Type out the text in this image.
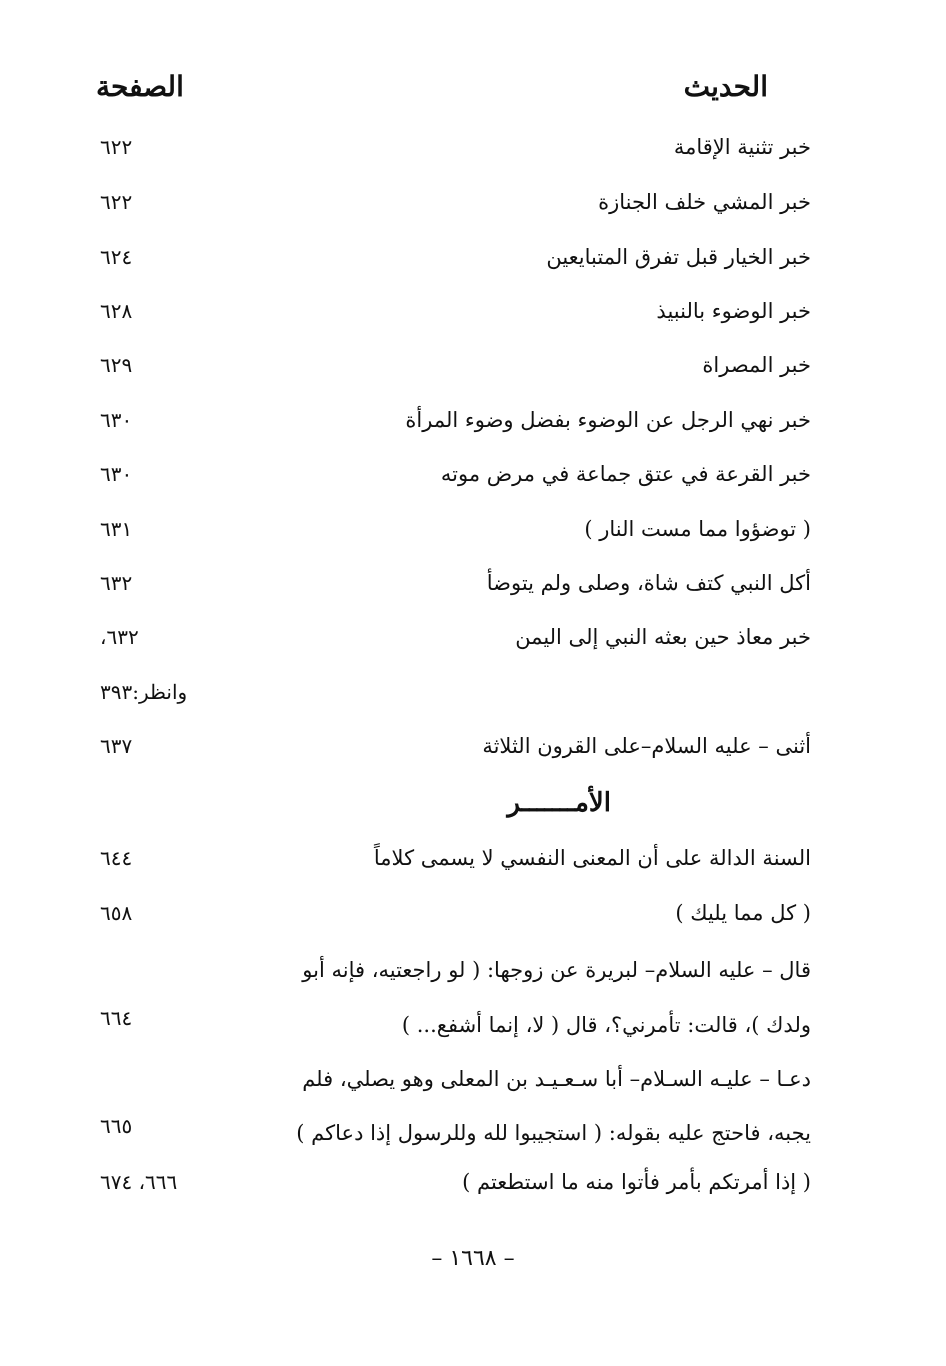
الحديث
الصفحة
خبر تثنية الإقامة
٦٢٢
خبر المشي خلف الجنازة
٦٢٢
خبر الخيار قبل تفرق المتبايعين
٦٢٤
خبر الوضوء بالنبيذ
٦٢٨
خبر المصراة
٦٢٩
خبر نهي الرجل عن الوضوء بفضل وضوء المرأة
٦٣٠
خبر القرعة في عتق جماعة في مرض موته
٦٣٠
( توضؤوا مما مست النار )
٦٣١
أكل النبي كتف شاة، وصلى ولم يتوضأ
٦٣٢
خبر معاذ حين بعثه النبي إلى اليمن
٦٣٢،
وانظر:٣٩٣
أثنى – عليه السلام–على القرون الثلاثة
٦٣٧
الأمـــــــر
السنة الدالة على أن المعنى النفسي لا يسمى كلاماً
٦٤٤
( كل مما يليك )
٦٥٨
قال – عليه السلام– لبريرة عن زوجها: ( لو راجعتيه، فإنه أبو
ولدك )، قالت: تأمرني؟، قال ( لا، إنما أشفع... )
٦٦٤
دعـا – عليـه السـلام– أبا سـعـيـد بن المعلى وهو يصلي، فلم
يجبه، فاحتج عليه بقوله: ( استجيبوا لله وللرسول إذا دعاكم )
٦٦٥
( إذا أمرتكم بأمر فأتوا منه ما استطعتم )
٦٦٦، ٦٧٤
– ١٦٦٨ –
